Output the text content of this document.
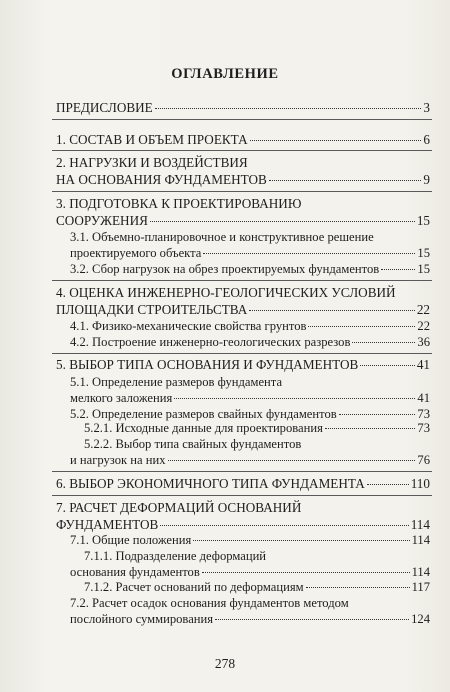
ОГЛАВЛЕНИЕ
ПРЕДИСЛОВИЕ	3
1. СОСТАВ И ОБЪЕМ ПРОЕКТА	6
2. НАГРУЗКИ И ВОЗДЕЙСТВИЯ
НА ОСНОВАНИЯ ФУНДАМЕНТОВ	9
3. ПОДГОТОВКА К ПРОЕКТИРОВАНИЮ
СООРУЖЕНИЯ	15
3.1. Объемно-планировочное и конструктивное решение
проектируемого объекта	15
3.2. Сбор нагрузок на обрез проектируемых фундаментов	15
4. ОЦЕНКА ИНЖЕНЕРНО-ГЕОЛОГИЧЕСКИХ УСЛОВИЙ
ПЛОЩАДКИ СТРОИТЕЛЬСТВА	22
4.1. Физико-механические свойства грунтов	22
4.2. Построение инженерно-геологических разрезов	36
5. ВЫБОР ТИПА ОСНОВАНИЯ И ФУНДАМЕНТОВ	41
5.1. Определение размеров фундамента
мелкого заложения	41
5.2. Определение размеров свайных фундаментов	73
5.2.1. Исходные данные для проектирования	73
5.2.2. Выбор типа свайных фундаментов
и нагрузок на них	76
6. ВЫБОР ЭКОНОМИЧНОГО ТИПА ФУНДАМЕНТА	110
7. РАСЧЕТ ДЕФОРМАЦИЙ ОСНОВАНИЙ
ФУНДАМЕНТОВ	114
7.1. Общие положения	114
7.1.1. Подразделение деформаций
основания фундаментов	114
7.1.2. Расчет оснований по деформациям	117
7.2. Расчет осадок основания фундаментов методом
послойного суммирования	124
278
